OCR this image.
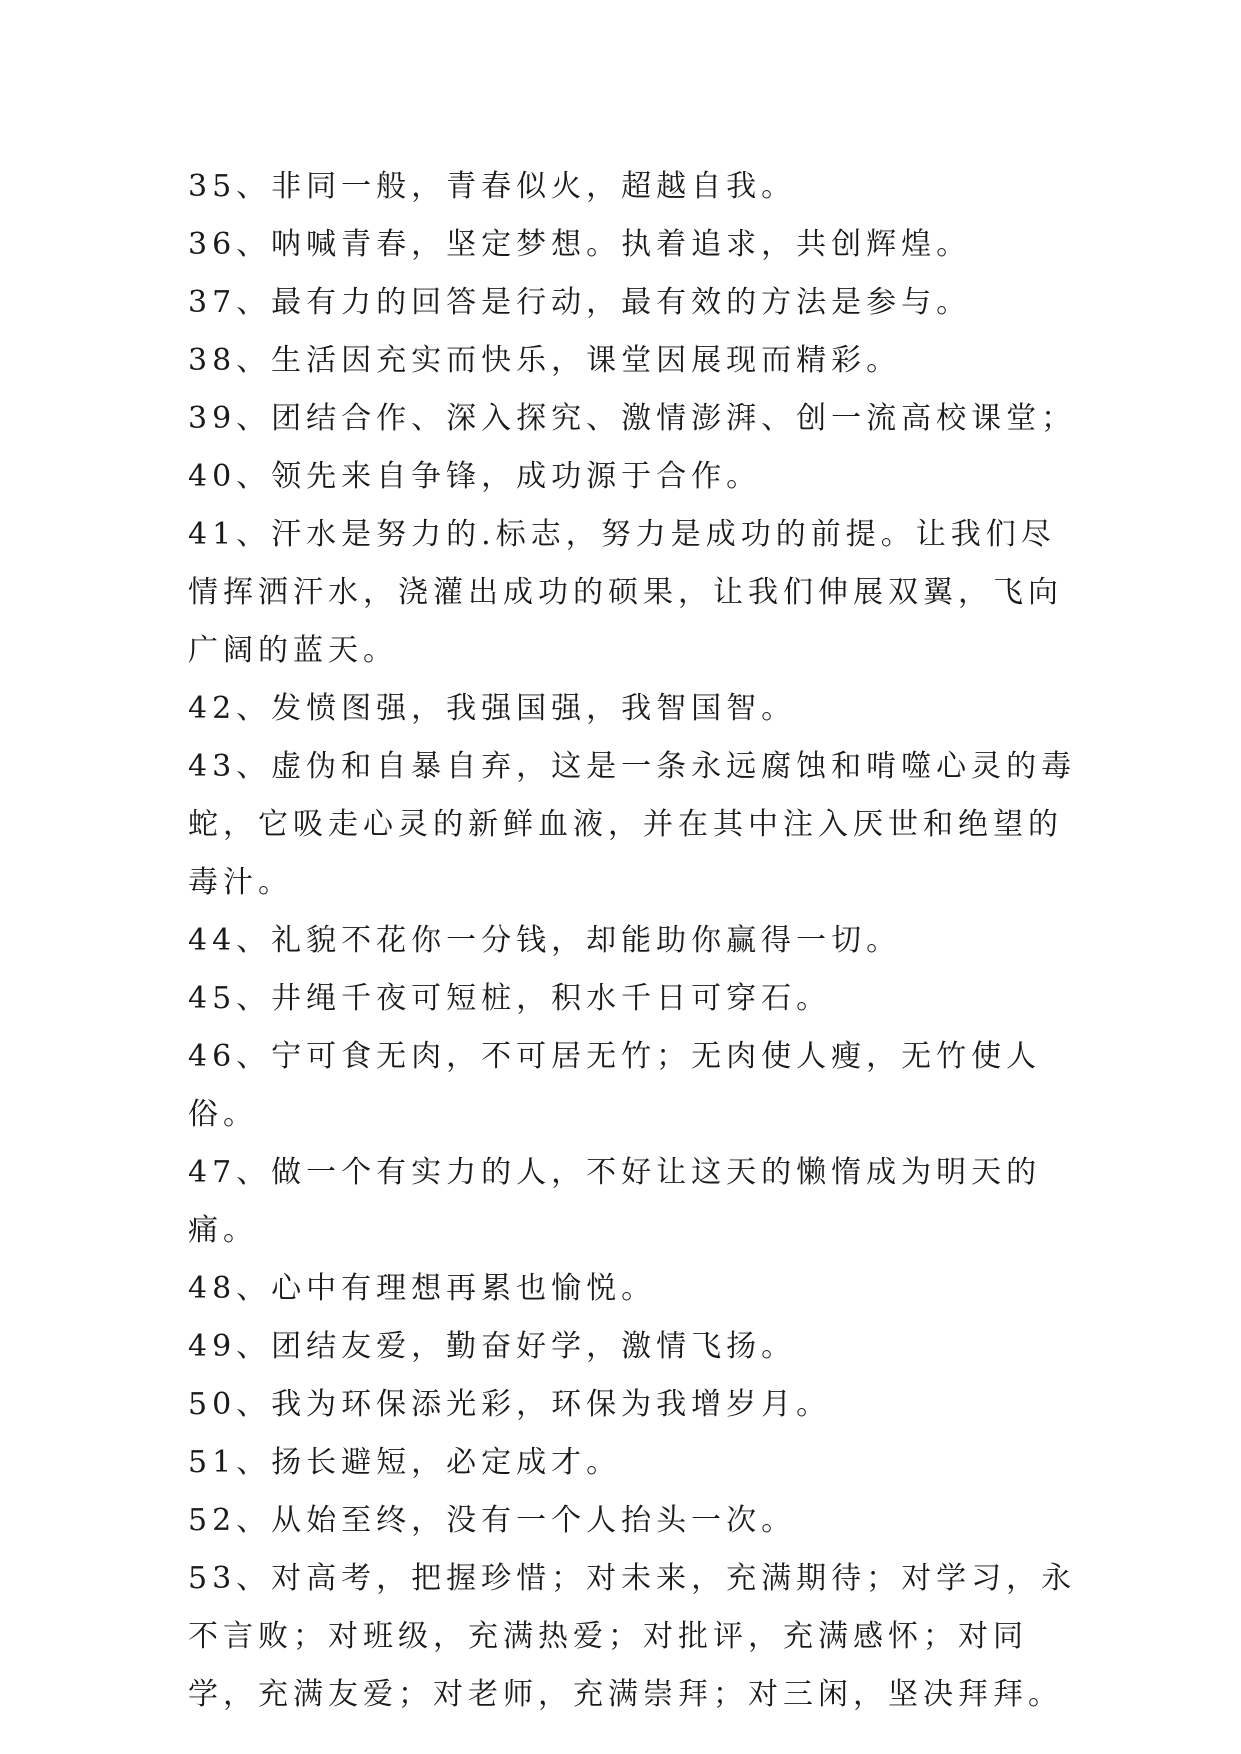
35、非同一般，青春似火，超越自我。

36、呐喊青春，坚定梦想。执着追求，共创辉煌。

37、最有力的回答是行动，最有效的方法是参与。

38、生活因充实而快乐，课堂因展现而精彩。

39、团结合作、深入探究、激情澎湃、创一流高校课堂；

40、领先来自争锋，成功源于合作。

41、汗水是努力的.标志，努力是成功的前提。让我们尽情挥洒汗水，浇灌出成功的硕果，让我们伸展双翼，飞向广阔的蓝天。

42、发愤图强，我强国强，我智国智。

43、虚伪和自暴自弃，这是一条永远腐蚀和啃噬心灵的毒蛇，它吸走心灵的新鲜血液，并在其中注入厌世和绝望的毒汁。

44、礼貌不花你一分钱，却能助你赢得一切。

45、井绳千夜可短桩，积水千日可穿石。

46、宁可食无肉，不可居无竹；无肉使人瘦，无竹使人俗。

47、做一个有实力的人，不好让这天的懒惰成为明天的痛。

48、心中有理想再累也愉悦。

49、团结友爱，勤奋好学，激情飞扬。

50、我为环保添光彩，环保为我增岁月。

51、扬长避短，必定成才。

52、从始至终，没有一个人抬头一次。

53、对高考，把握珍惜；对未来，充满期待；对学习，永不言败；对班级，充满热爱；对批评，充满感怀；对同学，充满友爱；对老师，充满崇拜；对三闲，坚决拜拜。
